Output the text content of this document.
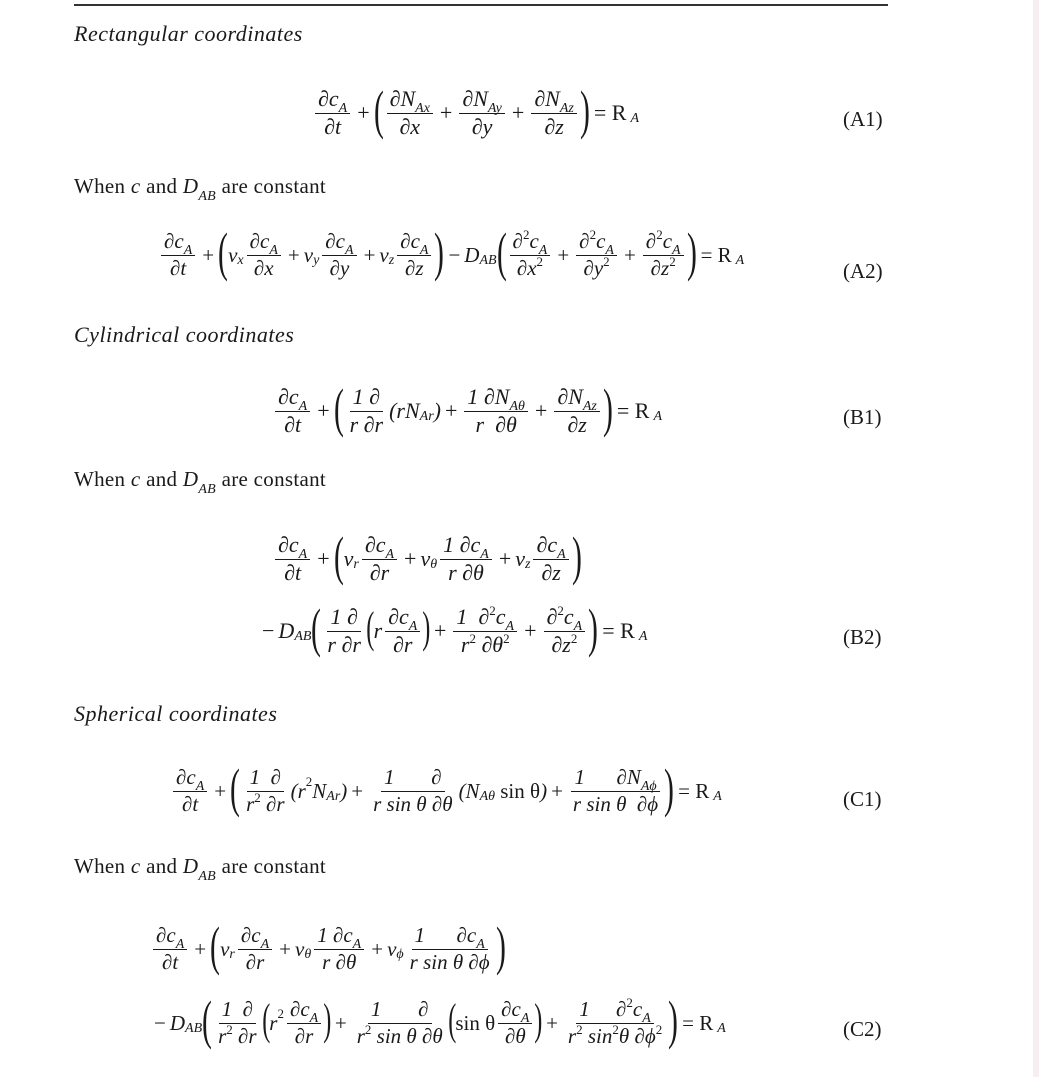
Rectangular coordinates
$\frac{\partial c_A}{\partial t}$ + ( $\frac{\partial N_{Ax}}{\partial x} + \frac{\partial N_{Ay}}{\partial y} + \frac{\partial N_{Az}}{\partial z}$ ) = R A	(A1)
When c and $D_{AB}$ are constant
$\frac{\partial c_A}{\partial t}$ + ( v x $\frac{\partial c_A}{\partial x} + v$ y $\frac{\partial c_A}{\partial y} + v$ z $\frac{\partial c_A}{\partial z}$ ) − D AB ( $\frac{\partial^2c_A}{\partial x^2} + \frac{\partial^2c_A}{\partial y^2} + \frac{\partial^2c_A}{\partial z^2}$ ) = R A	(A2)
Cylindrical coordinates
$\frac{\partial c_A}{\partial t}$ + ( $\frac{1 \partial}{r \partial r} (rN$ Ar ) + $\frac{1 \partial N_{A\theta}}{r \partial\theta} + \frac{\partial N_{Az}}{\partial z}$ ) = R A	(B1)
When c and $D_{AB}$ are constant
$\frac{\partial c_A}{\partial t}$ + ( v r $\frac{\partial c_A}{\partial r} + v$ θ $\frac{1 \partial c_A}{r \partial\theta} + v$ z $\frac{\partial c_A}{\partial z}$ )
− D AB ( $\frac{1 \partial}{r \partial r}$ ( r $\frac{\partial c_A}{\partial r}$ ) + $\frac{1 \partial^2c_A}{r^2 \partial\theta^2} + \frac{\partial^2c_A}{\partial z^2}$ ) = R A	(B2)
Spherical coordinates
$\frac{\partial c_A}{\partial t}$ + ( $\frac{1 \partial}{r^2 \partial r} (r$ 2 N Ar ) + $\frac{1 \partial}{\text{r sin θ ∂θ}} (N$ Aθ sin θ ) + $\frac{1 \partial N_{A\phi}}{\text{r sin θ  ∂ϕ}}$ ) = R A	(C1)
When c and $D_{AB}$ are constant
$\frac{\partial c_A}{\partial t}$ + ( v r $\frac{\partial c_A}{\partial r} + v$ θ $\frac{1 \partial c_A}{r \partial\theta} + v$ ϕ $\frac{1 \partial c_A}{\text{r sin θ ∂ϕ}}$ )
− D AB ( $\frac{1 \partial}{r^2 \partial r}$ ( r $2 \frac{\partial c_A}{\partial r}$ ) + $\frac{1 \partial}{r^2 \sin \theta \partial\theta}$ ( sin θ $\frac{\partial c_A}{\partial\theta}$ ) + $\frac{1 \partial^2c_A}{r^2 \sin^2\theta \partial\phi^2}$ ) = R A	(C2)
